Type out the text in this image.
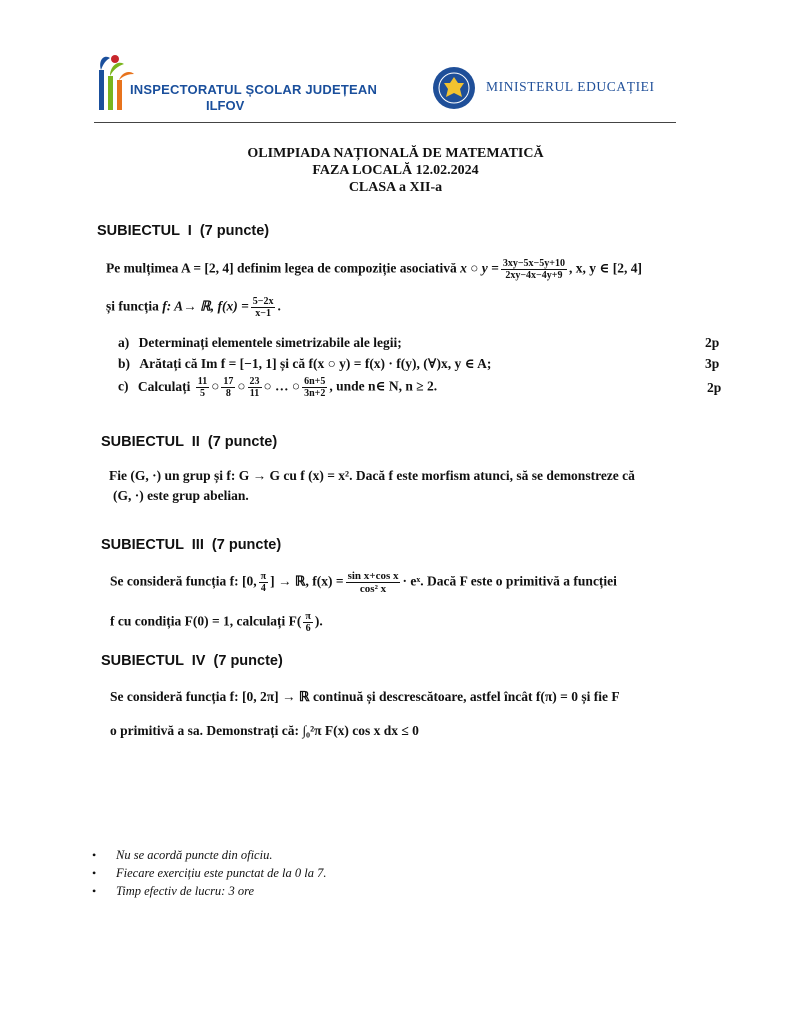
INSPECTORATUL ȘCOLAR JUDEȚEAN
ILFOV
MINISTERUL EDUCAȚIEI
OLIMPIADA NAȚIONALĂ DE MATEMATICĂ
FAZA LOCALĂ 12.02.2024
CLASA a XII-a
SUBIECTUL  I  (7 puncte)
Pe mulțimea A = [2, 4] definim legea de compoziție asociativă x ○ $y = \frac{3xy-5x-5y+10}{2xy-4x-4y+9}$ , x, y ∈ [2, 4]
și funcția f: A→ ℝ, $f(x) = \frac{5-2x}{x-1}$ .
a) Determinați elementele simetrizabile ale legii;	2p
b) Arătați că Im f = [−1, 1] și că f(x ○ y) = f(x) · f(y), (∀)x, y ∈ A;	3p
c) Calculați $\frac{11}{5}$ ○ $\frac{17}{8}$ ○ $\frac{23}{11}$ ○ … ○ $\frac{6n+5}{3n+2}$ , unde n∈ N, n ≥ 2.	2p
SUBIECTUL  II  (7 puncte)
Fie (G, ·) un grup și f: G → G cu f (x) = x². Dacă f este morfism atunci, să se demonstreze că
(G, ·) este grup abelian.
SUBIECTUL  III  (7 puncte)
Se consideră funcția f: [0, $\frac{\pi}{4}$ ] → ℝ, $f(x) = \frac{\text{sin x+cos x}}{\text{cos² x}}$ · eˣ. Dacă F este o primitivă a funcției
f cu condiția F(0) = 1, calculați $F( \frac{\pi}{6}$ ).
SUBIECTUL  IV  (7 puncte)
Se consideră funcția f: [0, 2π] → ℝ continuă și descrescătoare, astfel încât f(π) = 0 și fie F
o primitivă a sa. Demonstrați că: ∫₀²π F(x) cos x dx ≤ 0
• Nu se acordă puncte din oficiu.
• Fiecare exercițiu este punctat de la 0 la 7.
• Timp efectiv de lucru: 3 ore
